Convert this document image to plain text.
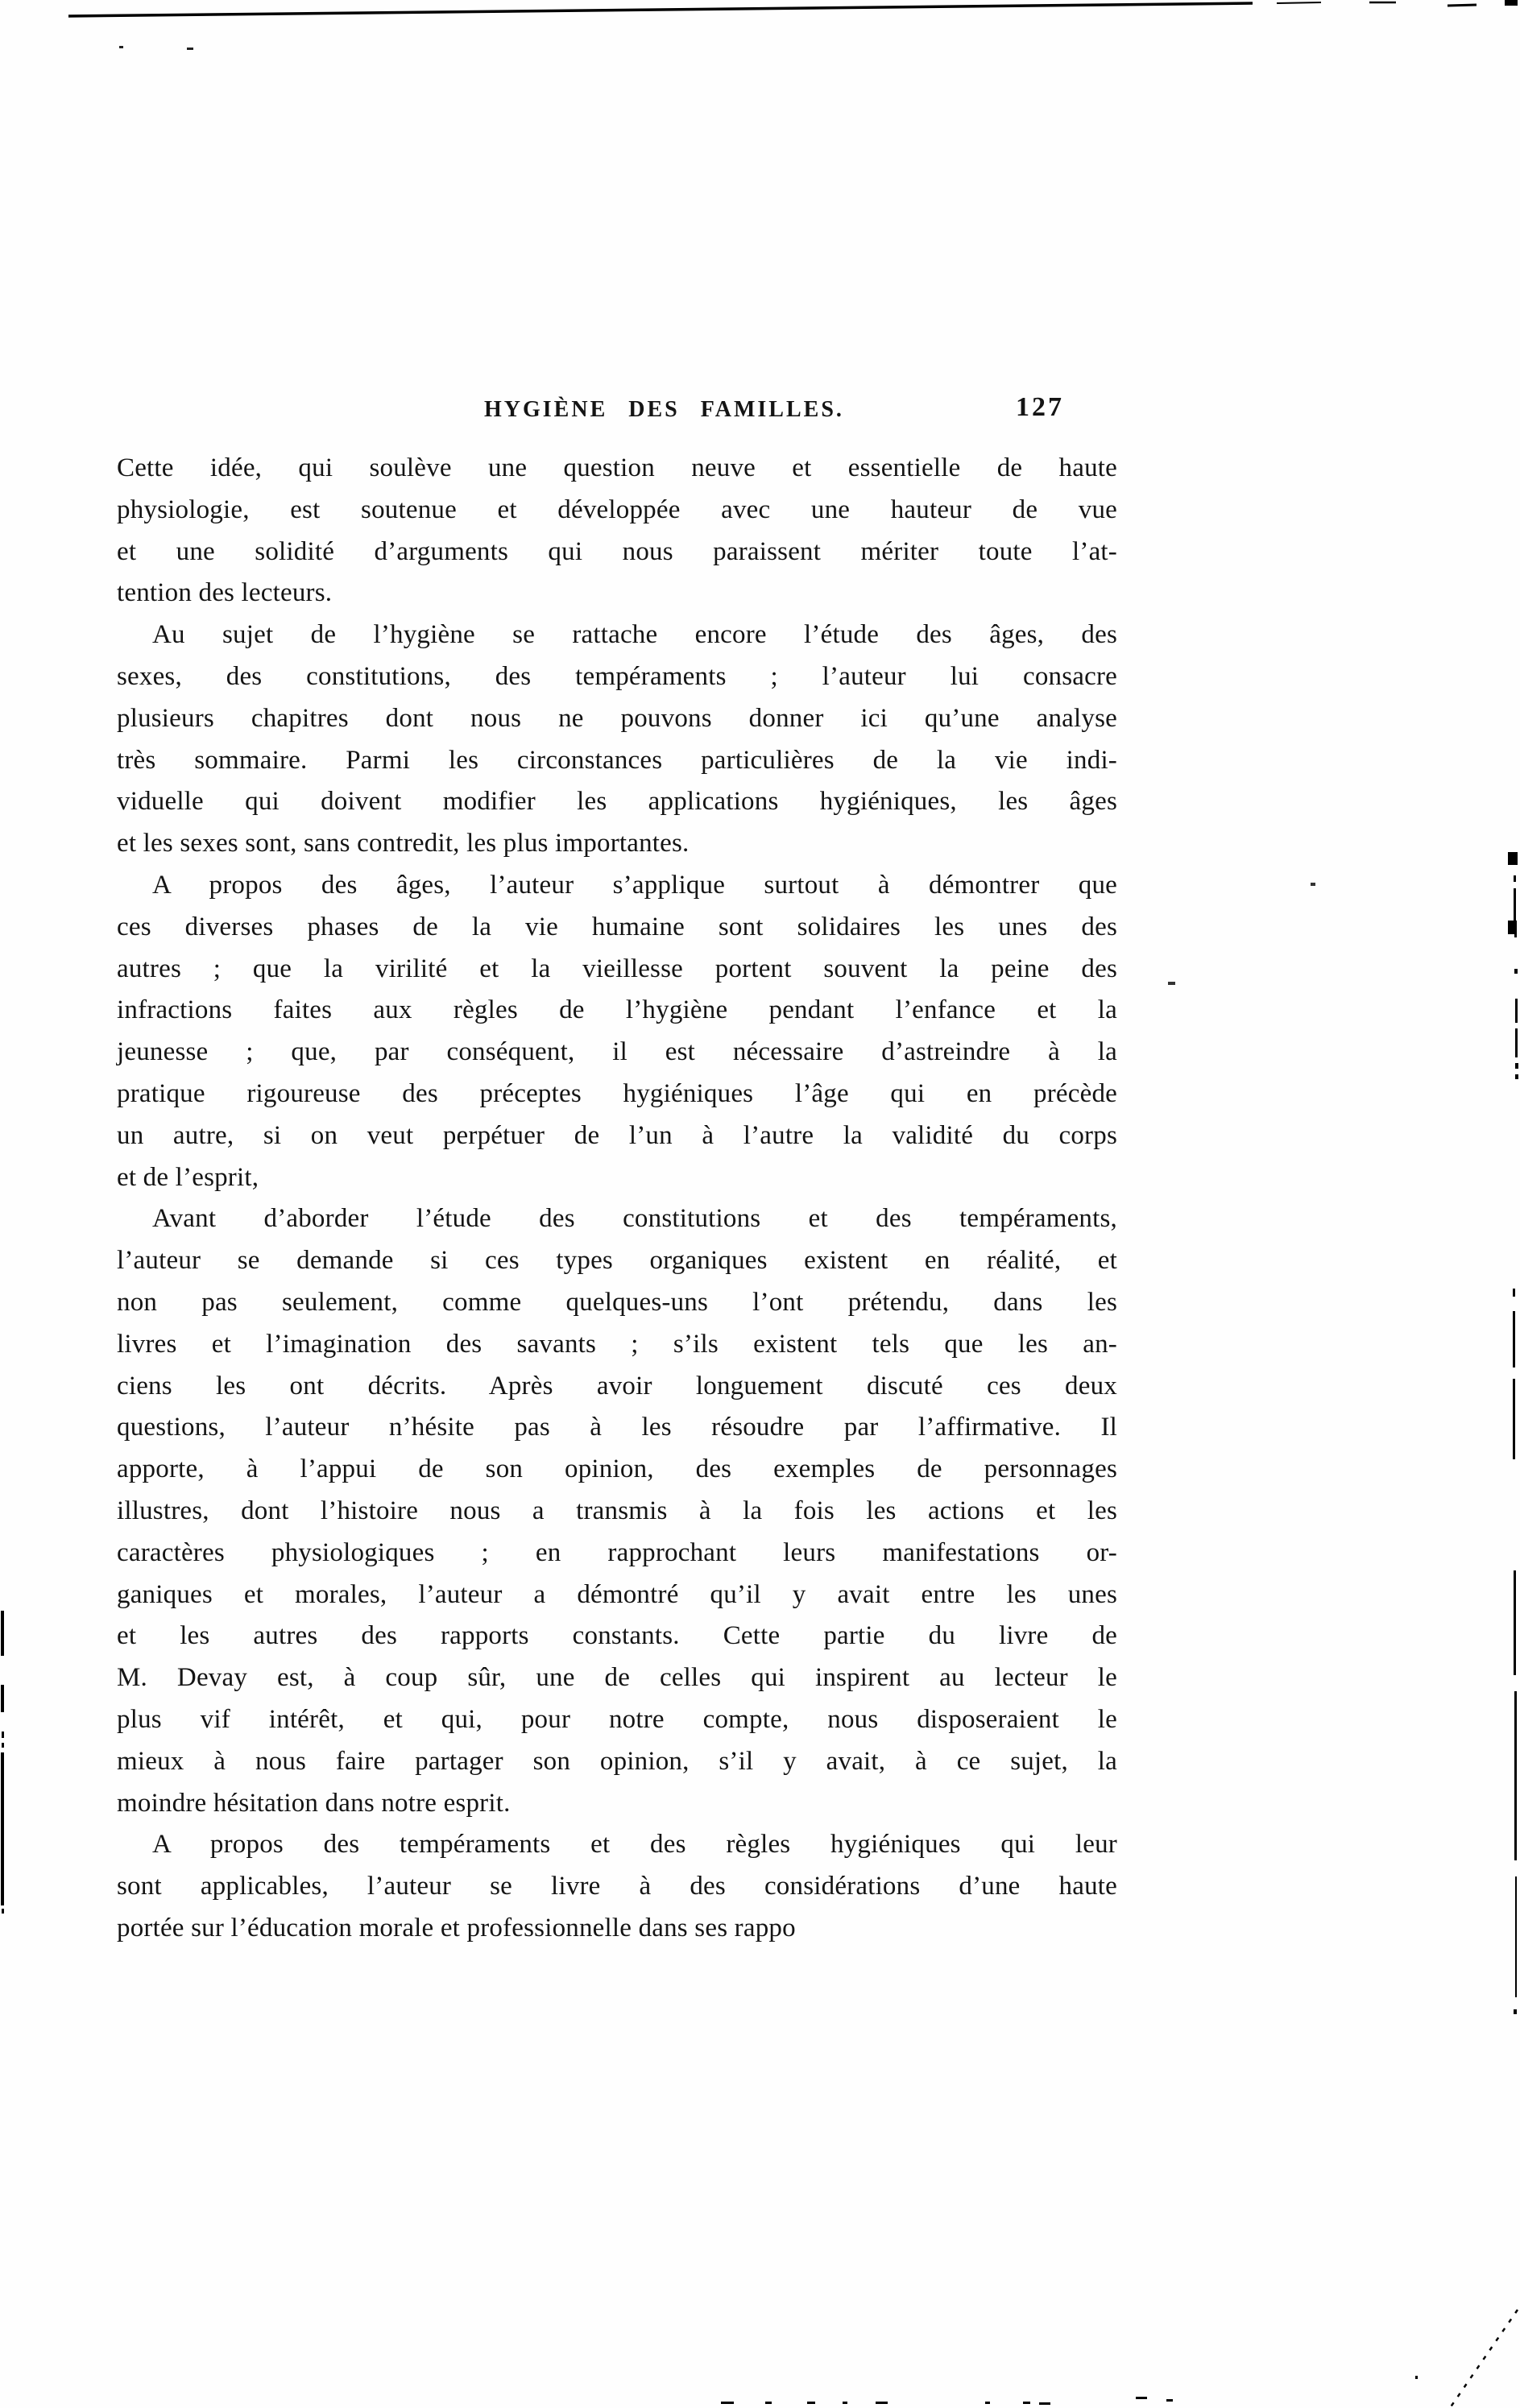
HYGIÈNE DES FAMILLES.	127
Cette idée, qui soulève une question neuve et essentielle de haute
physiologie, est soutenue et développée avec une hauteur de vue
et une solidité d’arguments qui nous paraissent mériter toute l’at-
tention des lecteurs.
Au sujet de l’hygiène se rattache encore l’étude des âges, des
sexes, des constitutions, des tempéraments ; l’auteur lui consacre
plusieurs chapitres dont nous ne pouvons donner ici qu’une analyse
très sommaire. Parmi les circonstances particulières de la vie indi-
viduelle qui doivent modifier les applications hygiéniques, les âges
et les sexes sont, sans contredit, les plus importantes.
A propos des âges, l’auteur s’applique surtout à démontrer que
ces diverses phases de la vie humaine sont solidaires les unes des
autres ; que la virilité et la vieillesse portent souvent la peine des
infractions faites aux règles de l’hygiène pendant l’enfance et la
jeunesse ; que, par conséquent, il est nécessaire d’astreindre à la
pratique rigoureuse des préceptes hygiéniques l’âge qui en précède
un autre, si on veut perpétuer de l’un à l’autre la validité du corps
et de l’esprit,
Avant d’aborder l’étude des constitutions et des tempéraments,
l’auteur se demande si ces types organiques existent en réalité, et
non pas seulement, comme quelques-uns l’ont prétendu, dans les
livres et l’imagination des savants ; s’ils existent tels que les an-
ciens les ont décrits. Après avoir longuement discuté ces deux
questions, l’auteur n’hésite pas à les résoudre par l’affirmative. Il
apporte, à l’appui de son opinion, des exemples de personnages
illustres, dont l’histoire nous a transmis à la fois les actions et les
caractères physiologiques ; en rapprochant leurs manifestations or-
ganiques et morales, l’auteur a démontré qu’il y avait entre les unes
et les autres des rapports constants. Cette partie du livre de
M. Devay est, à coup sûr, une de celles qui inspirent au lecteur le
plus vif intérêt, et qui, pour notre compte, nous disposeraient le
mieux à nous faire partager son opinion, s’il y avait, à ce sujet, la
moindre hésitation dans notre esprit.
A propos des tempéraments et des règles hygiéniques qui leur
sont applicables, l’auteur se livre à des considérations d’une haute
portée sur l’éducation morale et professionnelle dans ses rappo
